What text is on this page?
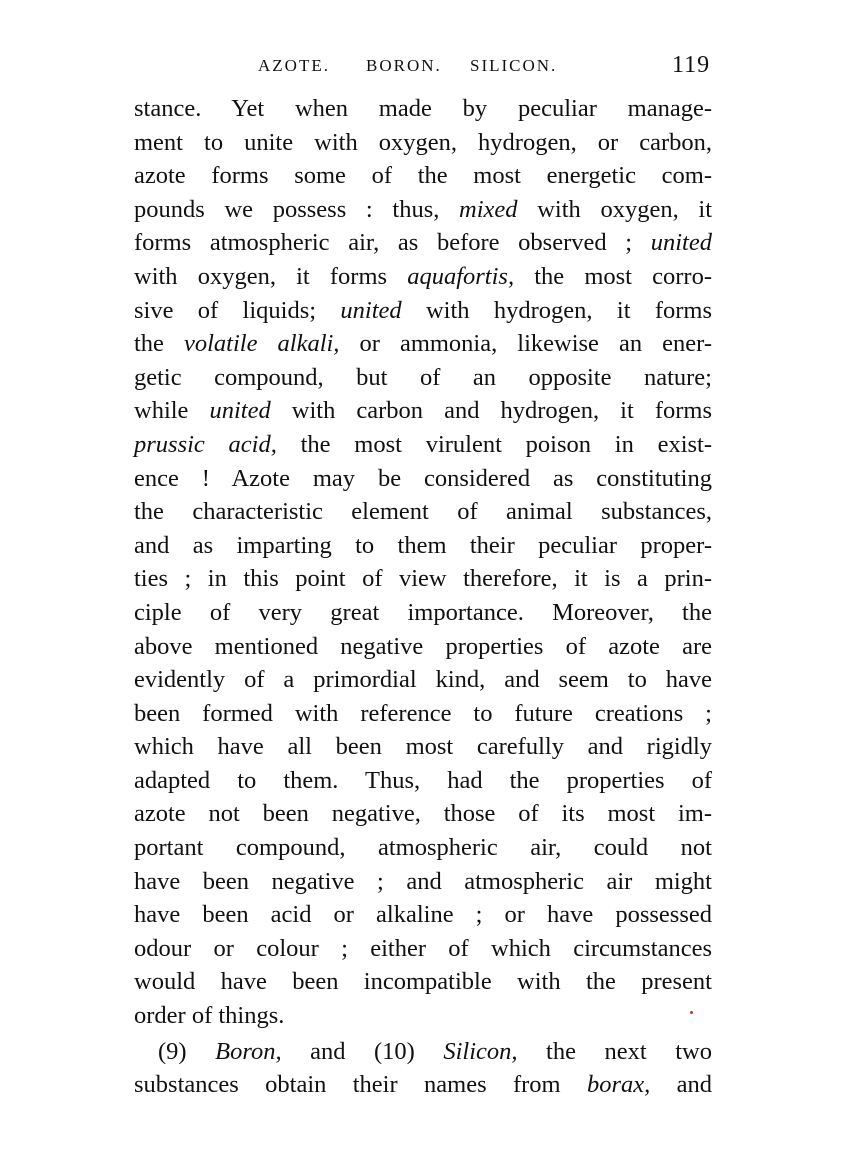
AZOTE. BORON. SILICON.	119
stance. Yet when made by peculiar manage-
ment to unite with oxygen, hydrogen, or carbon,
azote forms some of the most energetic com-
pounds we possess : thus, mixed with oxygen, it
forms atmospheric air, as before observed ; united
with oxygen, it forms aquafortis, the most corro-
sive of liquids; united with hydrogen, it forms
the volatile alkali, or ammonia, likewise an ener-
getic compound, but of an opposite nature;
while united with carbon and hydrogen, it forms
prussic acid, the most virulent poison in exist-
ence ! Azote may be considered as constituting
the characteristic element of animal substances,
and as imparting to them their peculiar proper-
ties ; in this point of view therefore, it is a prin-
ciple of very great importance. Moreover, the
above mentioned negative properties of azote are
evidently of a primordial kind, and seem to have
been formed with reference to future creations ;
which have all been most carefully and rigidly
adapted to them. Thus, had the properties of
azote not been negative, those of its most im-
portant compound, atmospheric air, could not
have been negative ; and atmospheric air might
have been acid or alkaline ; or have possessed
odour or colour ; either of which circumstances
would have been incompatible with the present
order of things.
(9) Boron, and (10) Silicon, the next two
substances obtain their names from borax, and
